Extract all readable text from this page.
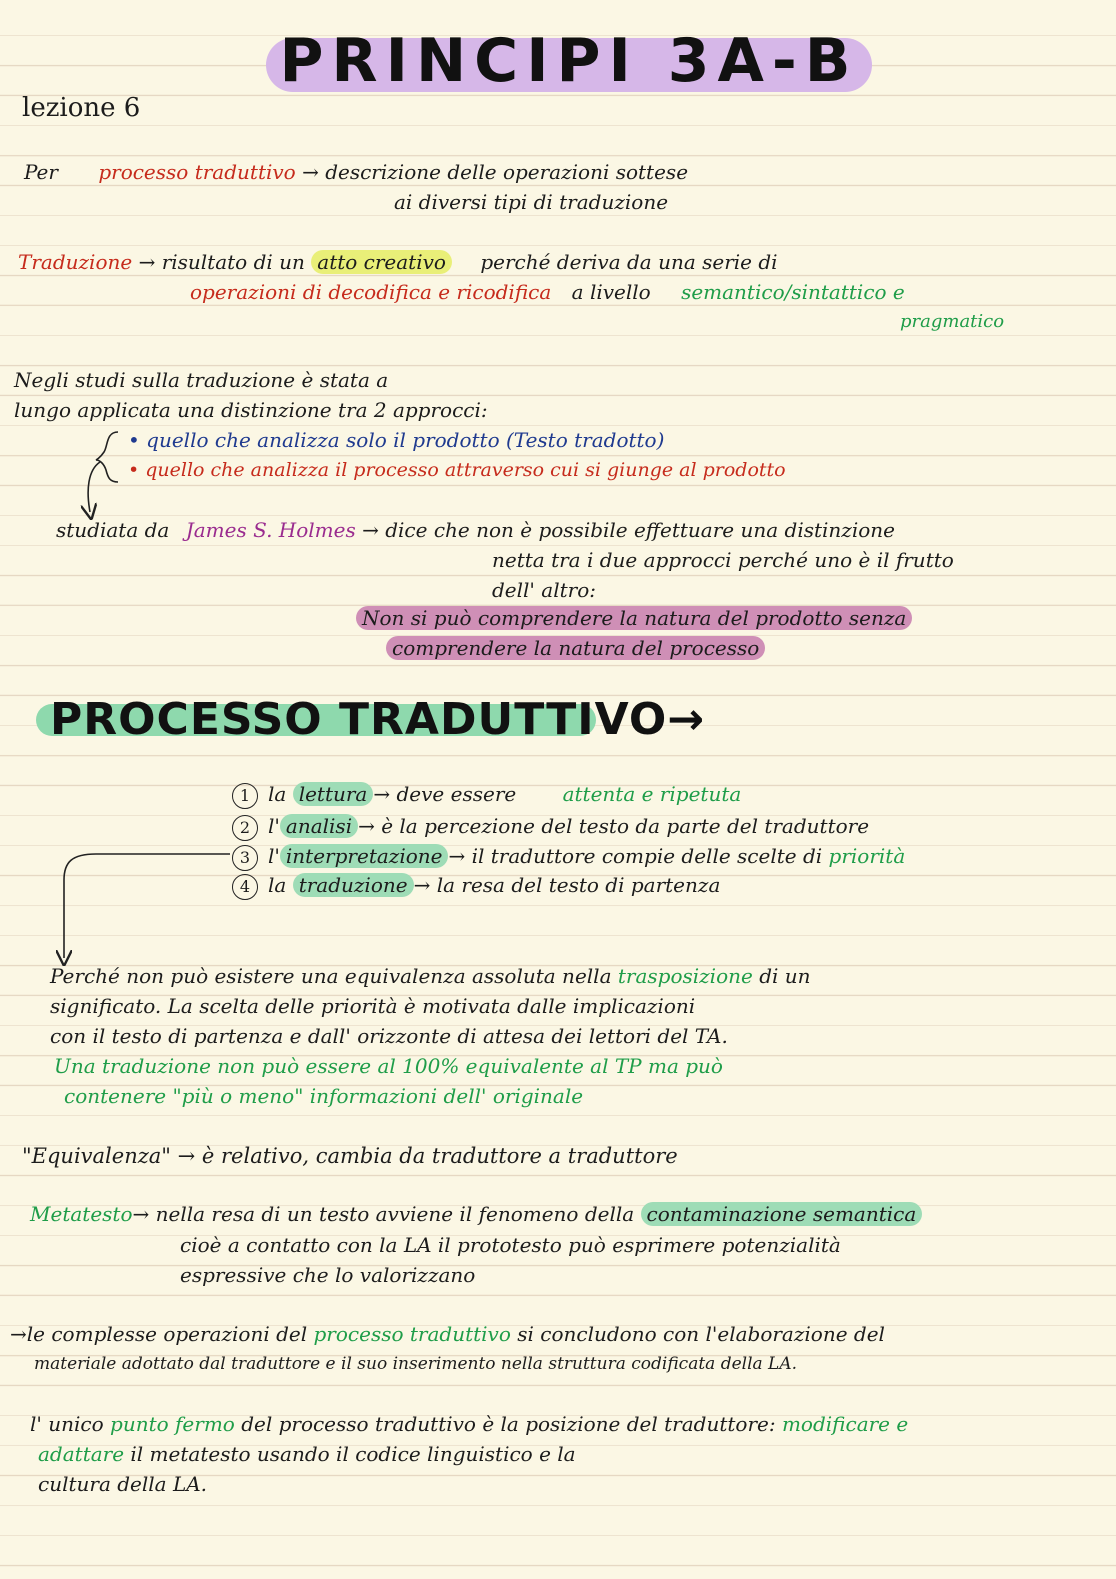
PRINCIPI 3A-B
lezione 6
Per processo traduttivo → descrizione delle operazioni sottese
ai diversi tipi di traduzione
Traduzione → risultato di un atto creativo perché deriva da una serie di
operazioni di decodifica e ricodifica a livello semantico/sintattico e
pragmatico
Negli studi sulla traduzione è stata a
lungo applicata una distinzione tra 2 approcci:
• quello che analizza solo il prodotto (Testo tradotto)
• quello che analizza il processo attraverso cui si giunge al prodotto
studiata da James S. Holmes → dice che non è possibile effettuare una distinzione
netta tra i due approcci perché uno è il frutto
dell' altro:
Non si può comprendere la natura del prodotto senza
comprendere la natura del processo
PROCESSO TRADUTTIVO→
1 la lettura → deve essere attenta e ripetuta
2 l' analisi → è la percezione del testo da parte del traduttore
3 l' interpretazione → il traduttore compie delle scelte di priorità
4 la traduzione → la resa del testo di partenza
Perché non può esistere una equivalenza assoluta nella trasposizione di un
significato. La scelta delle priorità è motivata dalle implicazioni
con il testo di partenza e dall' orizzonte di attesa dei lettori del TA.
Una traduzione non può essere al 100% equivalente al TP ma può
contenere "più o meno" informazioni dell' originale
"Equivalenza" → è relativo, cambia da traduttore a traduttore
Metatesto→ nella resa di un testo avviene il fenomeno della contaminazione semantica
cioè a contatto con la LA il prototesto può esprimere potenzialità
espressive che lo valorizzano
→le complesse operazioni del processo traduttivo si concludono con l'elaborazione del
materiale adottato dal traduttore e il suo inserimento nella struttura codificata della LA.
l' unico punto fermo del processo traduttivo è la posizione del traduttore: modificare e
adattare il metatesto usando il codice linguistico e la
cultura della LA.
